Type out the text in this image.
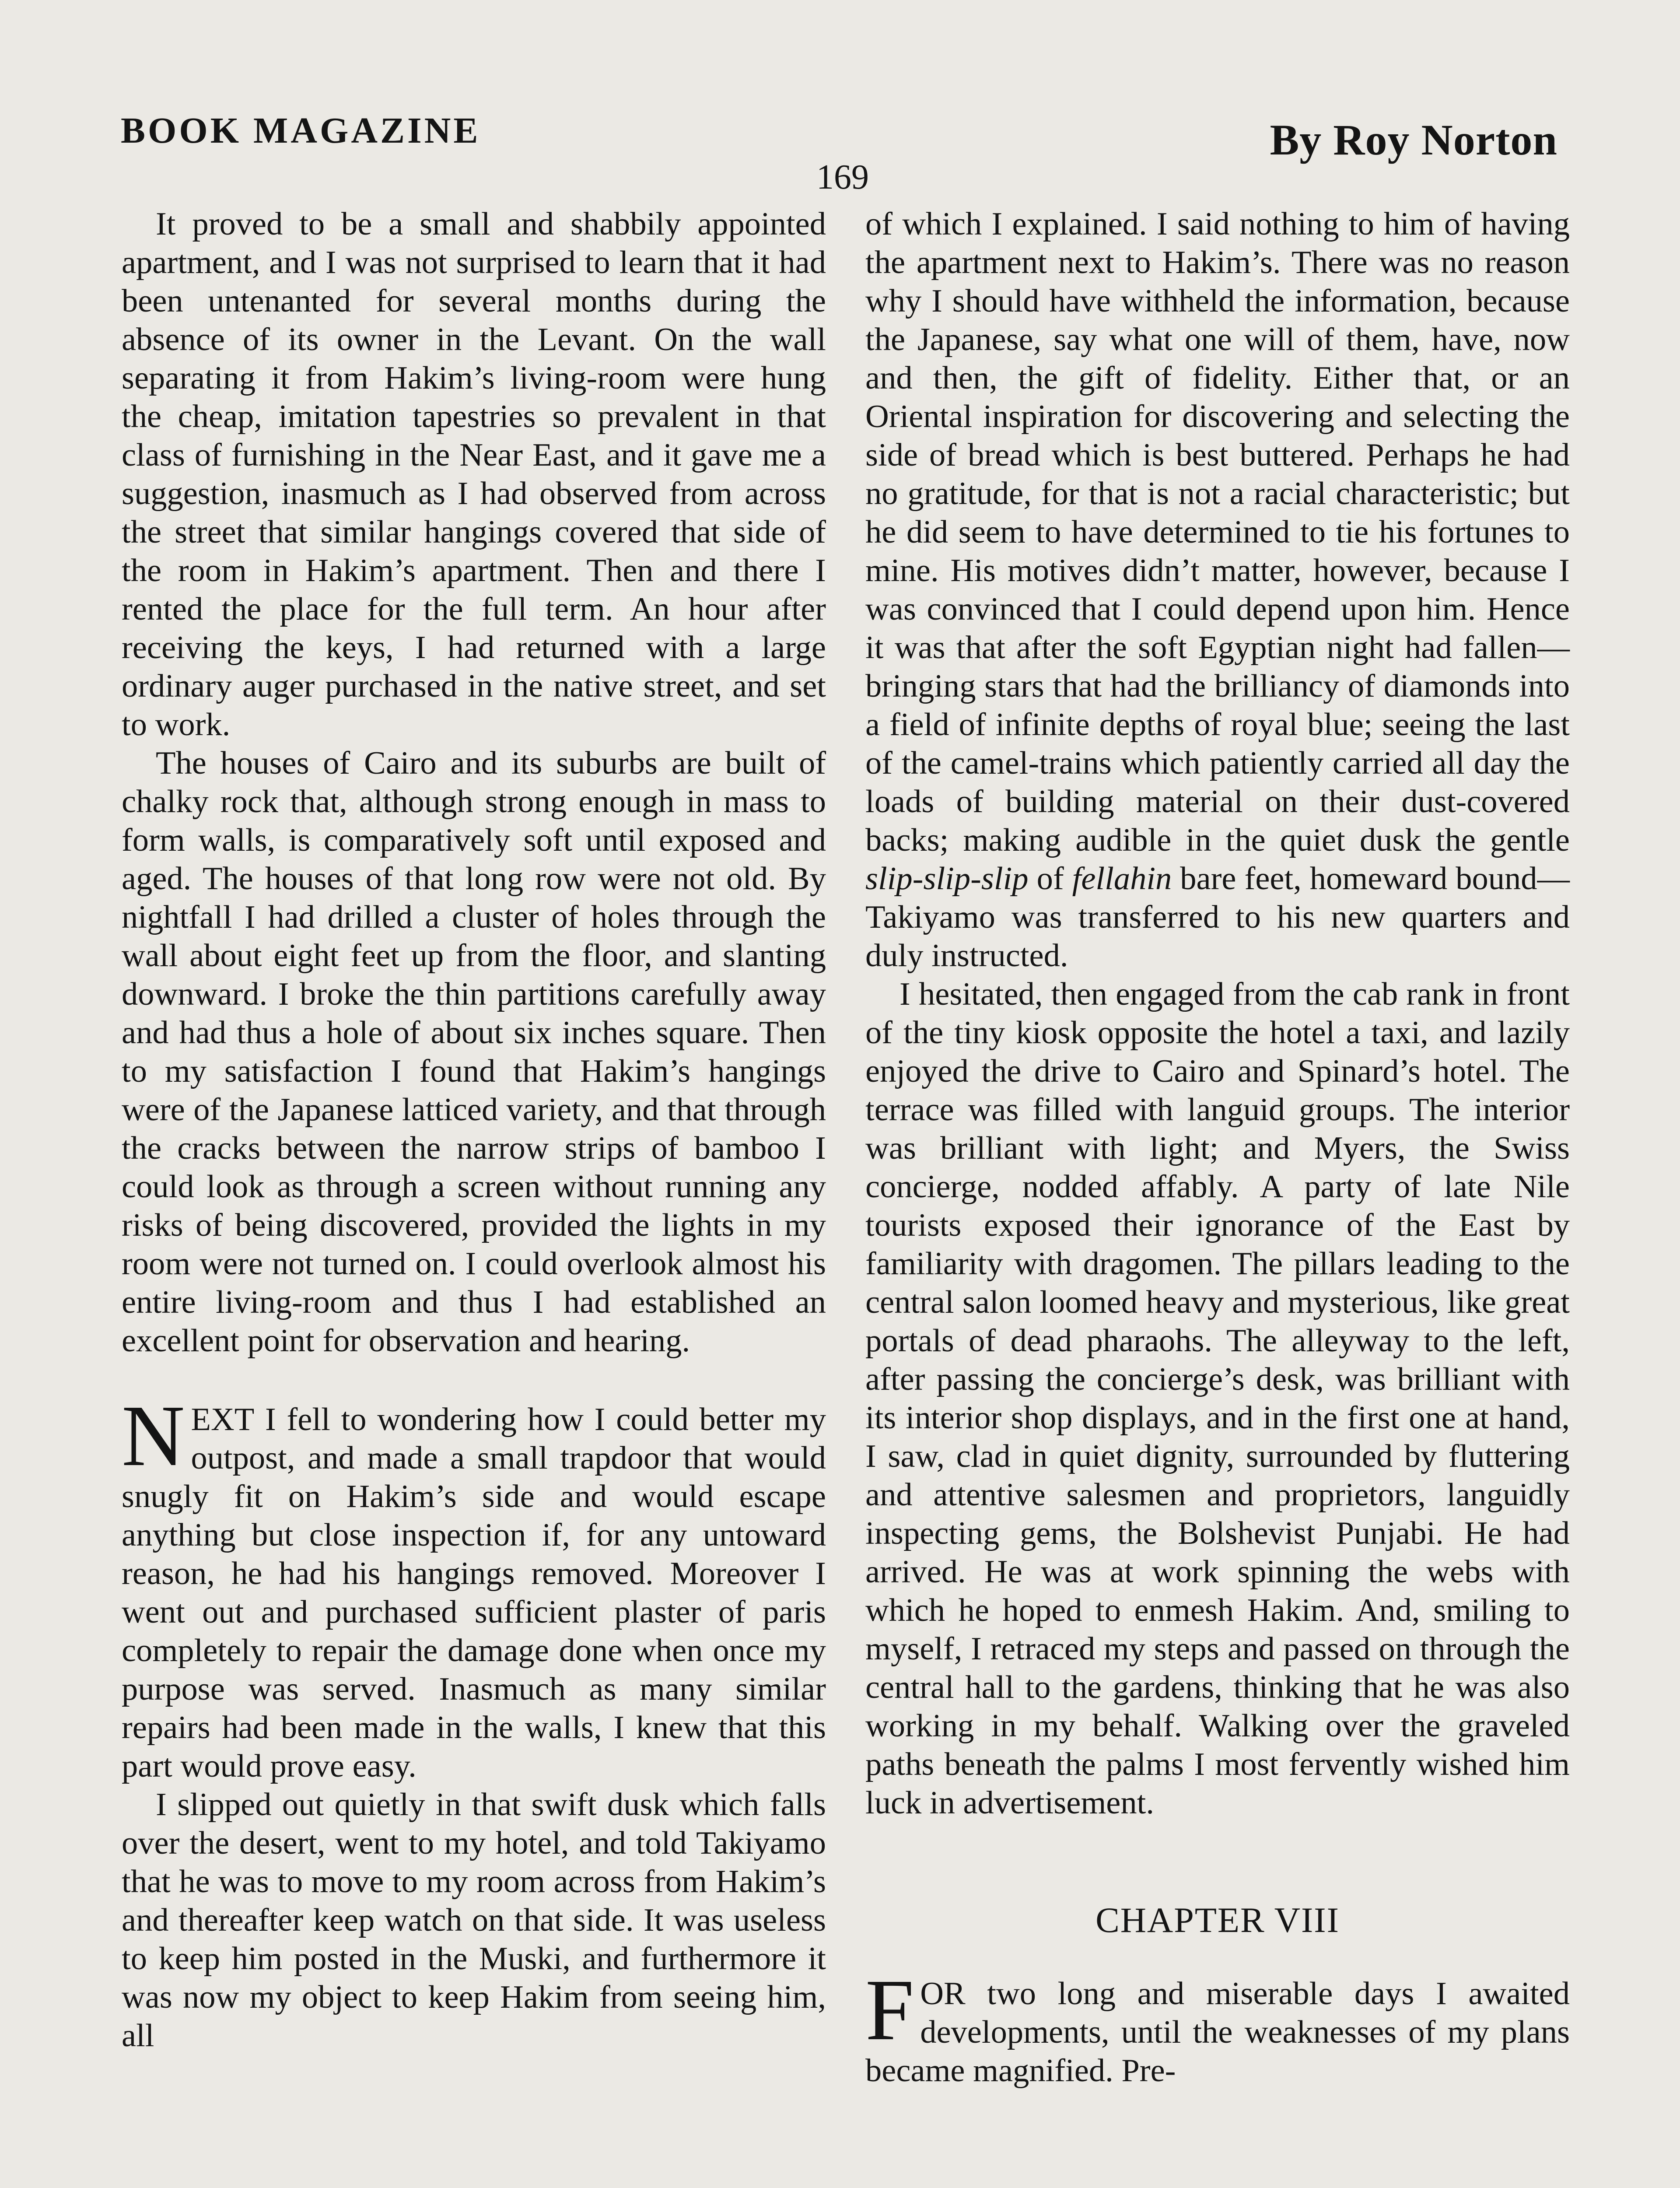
BOOK MAGAZINE	By Roy Norton
169

It proved to be a small and shabbily appointed apartment, and I was not surprised to learn that it had been untenanted for several months during the absence of its owner in the Levant. On the wall separating it from Hakim’s living-room were hung the cheap, imitation tapestries so prevalent in that class of furnishing in the Near East, and it gave me a suggestion, inasmuch as I had observed from across the street that similar hangings covered that side of the room in Hakim’s apartment. Then and there I rented the place for the full term. An hour after receiving the keys, I had returned with a large ordinary auger purchased in the native street, and set to work.

The houses of Cairo and its suburbs are built of chalky rock that, although strong enough in mass to form walls, is comparatively soft until exposed and aged. The houses of that long row were not old. By nightfall I had drilled a cluster of holes through the wall about eight feet up from the floor, and slanting downward. I broke the thin partitions carefully away and had thus a hole of about six inches square. Then to my satisfaction I found that Hakim’s hangings were of the Japanese latticed variety, and that through the cracks between the narrow strips of bamboo I could look as through a screen without running any risks of being discovered, provided the lights in my room were not turned on. I could overlook almost his entire living-room and thus I had established an excellent point for observation and hearing.

NEXT I fell to wondering how I could better my outpost, and made a small trapdoor that would snugly fit on Hakim’s side and would escape anything but close inspection if, for any untoward reason, he had his hangings removed. Moreover I went out and purchased sufficient plaster of paris completely to repair the damage done when once my purpose was served. Inasmuch as many similar repairs had been made in the walls, I knew that this part would prove easy.

I slipped out quietly in that swift dusk which falls over the desert, went to my hotel, and told Takiyamo that he was to move to my room across from Hakim’s and thereafter keep watch on that side. It was useless to keep him posted in the Muski, and furthermore it was now my object to keep Hakim from seeing him, all

of which I explained. I said nothing to him of having the apartment next to Hakim’s. There was no reason why I should have withheld the information, because the Japanese, say what one will of them, have, now and then, the gift of fidelity. Either that, or an Oriental inspiration for discovering and selecting the side of bread which is best buttered. Perhaps he had no gratitude, for that is not a racial characteristic; but he did seem to have determined to tie his fortunes to mine. His motives didn’t matter, however, because I was convinced that I could depend upon him. Hence it was that after the soft Egyptian night had fallen—bringing stars that had the brilliancy of diamonds into a field of infinite depths of royal blue; seeing the last of the camel-trains which patiently carried all day the loads of building material on their dust-covered backs; making audible in the quiet dusk the gentle slip-slip-slip of fellahin bare feet, homeward bound—Takiyamo was transferred to his new quarters and duly instructed.

I hesitated, then engaged from the cab rank in front of the tiny kiosk opposite the hotel a taxi, and lazily enjoyed the drive to Cairo and Spinard’s hotel. The terrace was filled with languid groups. The interior was brilliant with light; and Myers, the Swiss concierge, nodded affably. A party of late Nile tourists exposed their ignorance of the East by familiarity with dragomen. The pillars leading to the central salon loomed heavy and mysterious, like great portals of dead pharaohs. The alleyway to the left, after passing the concierge’s desk, was brilliant with its interior shop displays, and in the first one at hand, I saw, clad in quiet dignity, surrounded by fluttering and attentive salesmen and proprietors, languidly inspecting gems, the Bolshevist Punjabi. He had arrived. He was at work spinning the webs with which he hoped to enmesh Hakim. And, smiling to myself, I retraced my steps and passed on through the central hall to the gardens, thinking that he was also working in my behalf. Walking over the graveled paths beneath the palms I most fervently wished him luck in advertisement.

CHAPTER VIII

FOR two long and miserable days I awaited developments, until the weaknesses of my plans became magnified. Pre-
